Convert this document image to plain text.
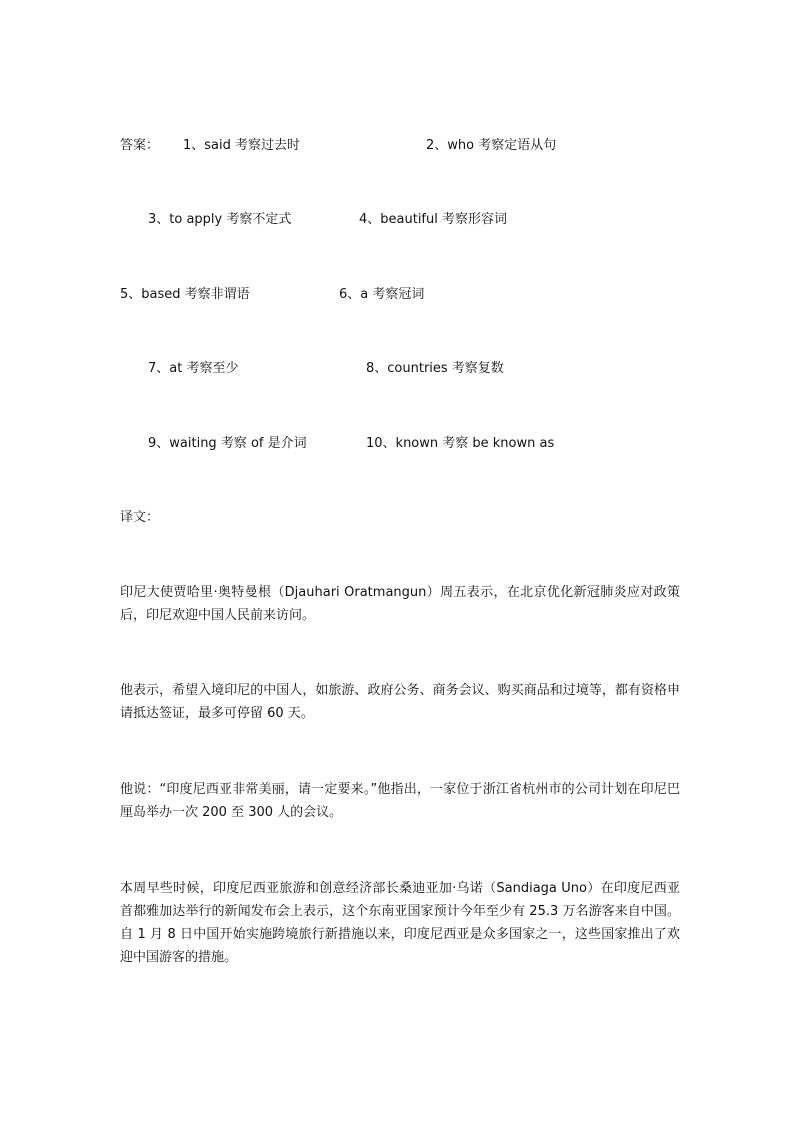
答案： 1、said 考察过去时	2、who 考察定语从句
3、to apply 考察不定式	4、beautiful 考察形容词
5、based 考察非谓语	6、a 考察冠词
7、at 考察至少	8、countries 考察复数
9、waiting 考察 of 是介词	10、known 考察 be known as
译文：
印尼大使贾哈里·奥特曼根（Djauhari Oratmangun）周五表示，在北京优化新冠肺炎应对政策后，印尼欢迎中国人民前来访问。
他表示，希望入境印尼的中国人，如旅游、政府公务、商务会议、购买商品和过境等，都有资格申请抵达签证，最多可停留 60 天。
他说：“印度尼西亚非常美丽，请一定要来。”他指出，一家位于浙江省杭州市的公司计划在印尼巴厘岛举办一次 200 至 300 人的会议。
本周早些时候，印度尼西亚旅游和创意经济部长桑迪亚加·乌诺（Sandiaga Uno）在印度尼西亚首都雅加达举行的新闻发布会上表示，这个东南亚国家预计今年至少有 25.3 万名游客来自中国。自 1 月 8 日中国开始实施跨境旅行新措施以来，印度尼西亚是众多国家之一，这些国家推出了欢迎中国游客的措施。
